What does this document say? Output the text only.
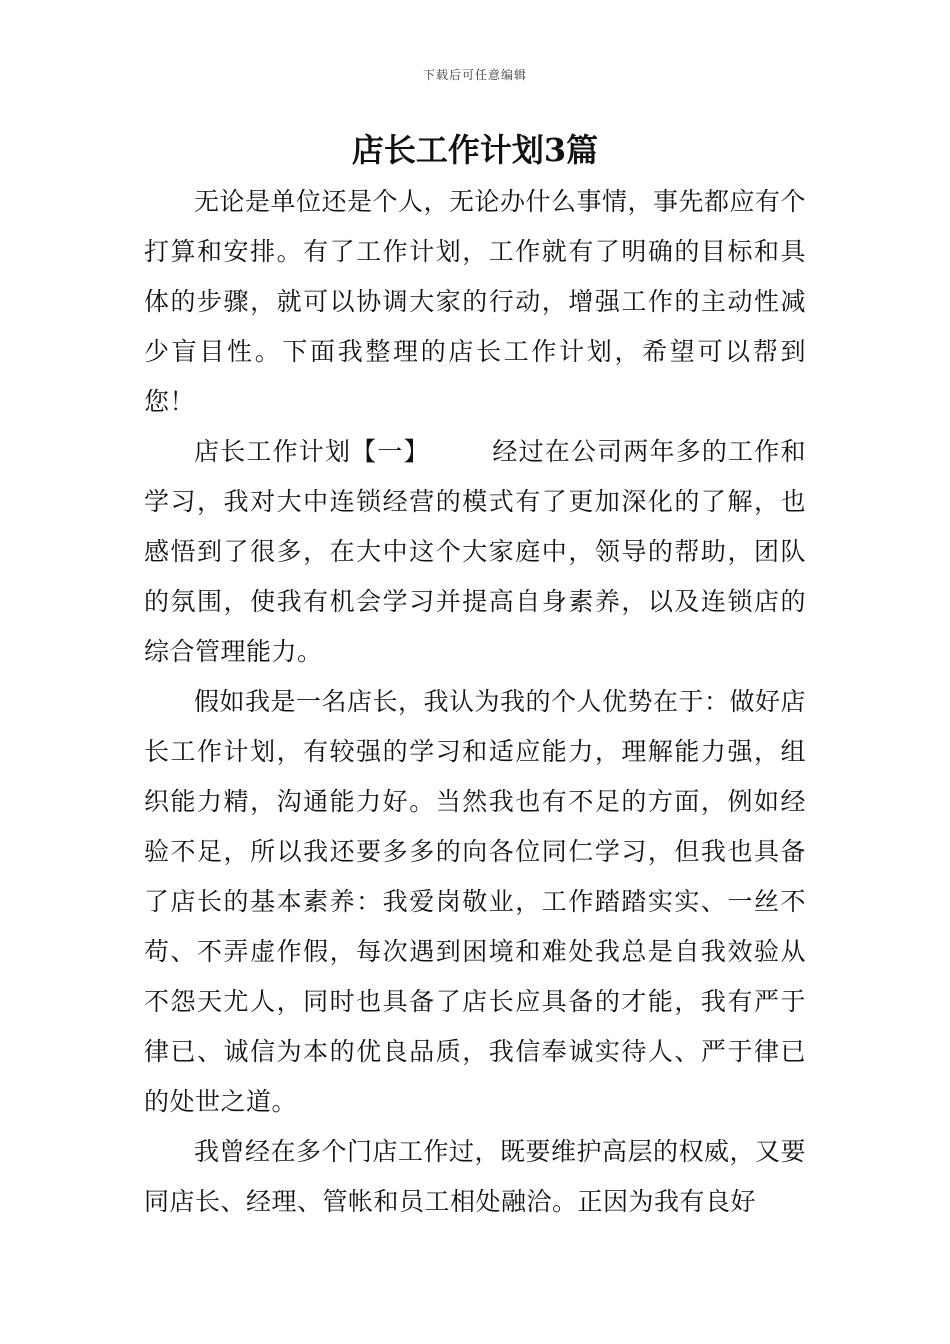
下载后可任意编辑
店长工作计划3篇

无论是单位还是个人，无论办什么事情，事先都应有个打算和安排。有了工作计划，工作就有了明确的目标和具体的步骤，就可以协调大家的行动，增强工作的主动性减少盲目性。下面我整理的店长工作计划，希望可以帮到您！

店长工作计划【一】 经过在公司两年多的工作和学习，我对大中连锁经营的模式有了更加深化的了解，也感悟到了很多，在大中这个大家庭中，领导的帮助，团队的氛围，使我有机会学习并提高自身素养，以及连锁店的综合管理能力。

假如我是一名店长，我认为我的个人优势在于：做好店长工作计划，有较强的学习和适应能力，理解能力强，组织能力精，沟通能力好。当然我也有不足的方面，例如经验不足，所以我还要多多的向各位同仁学习，但我也具备了店长的基本素养：我爱岗敬业，工作踏踏实实、一丝不苟、不弄虚作假，每次遇到困境和难处我总是自我效验从不怨天尤人，同时也具备了店长应具备的才能，我有严于律已、诚信为本的优良品质，我信奉诚实待人、严于律已的处世之道。

我曾经在多个门店工作过，既要维护高层的权威，又要同店长、经理、管帐和员工相处融洽。正因为我有良好
